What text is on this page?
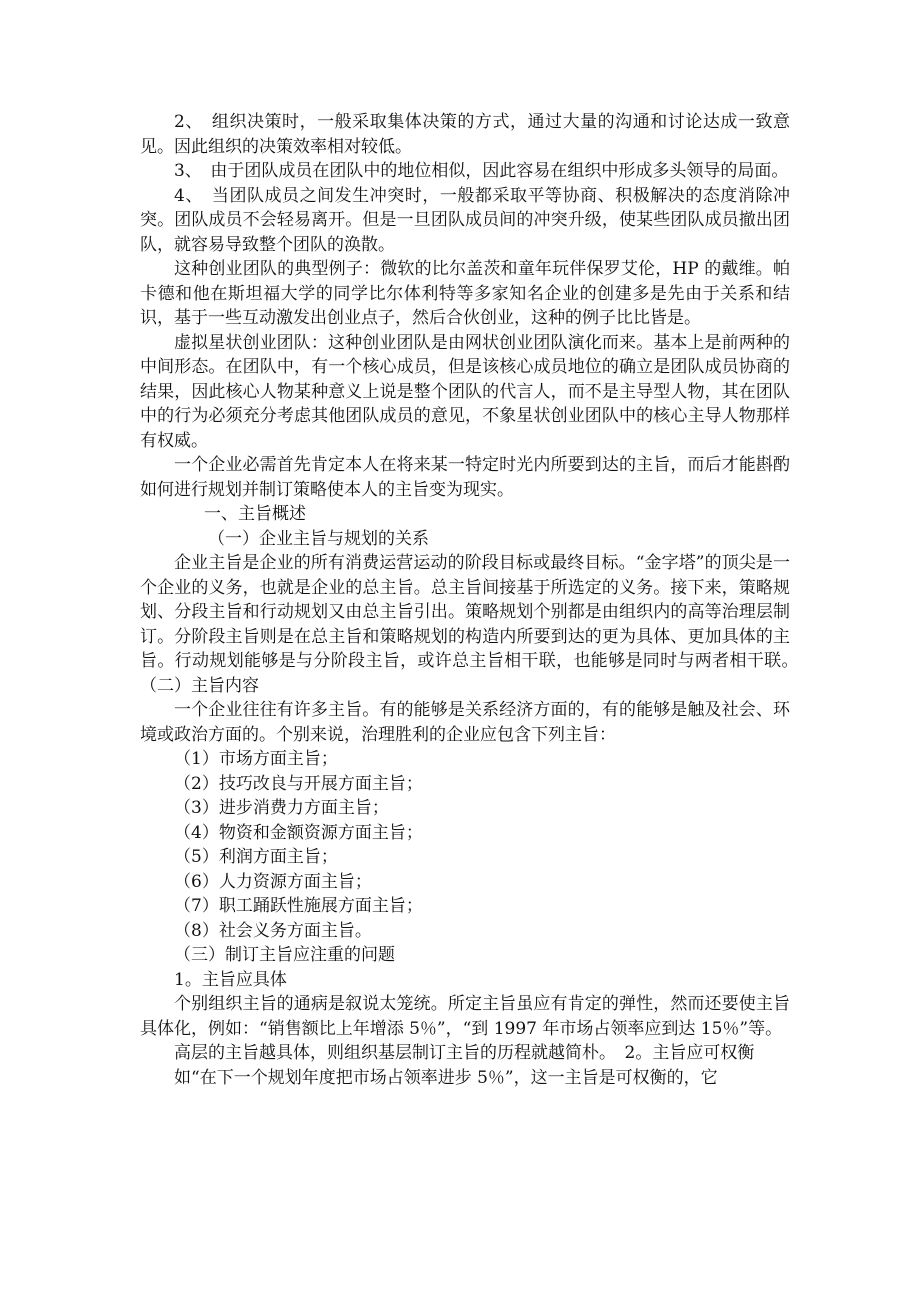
2、　组织决策时，一般采取集体决策的方式，通过大量的沟通和讨论达成一致意见。因此组织的决策效率相对较低。

3、　由于团队成员在团队中的地位相似，因此容易在组织中形成多头领导的局面。

4、　当团队成员之间发生冲突时，一般都采取平等协商、积极解决的态度消除冲突。团队成员不会轻易离开。但是一旦团队成员间的冲突升级，使某些团队成员撤出团队，就容易导致整个团队的涣散。

这种创业团队的典型例子：微软的比尔盖茨和童年玩伴保罗艾伦，HP 的戴维。帕卡德和他在斯坦福大学的同学比尔体利特等多家知名企业的创建多是先由于关系和结识，基于一些互动激发出创业点子，然后合伙创业，这种的例子比比皆是。

虚拟星状创业团队：这种创业团队是由网状创业团队演化而来。基本上是前两种的中间形态。在团队中，有一个核心成员，但是该核心成员地位的确立是团队成员协商的结果，因此核心人物某种意义上说是整个团队的代言人，而不是主导型人物，其在团队中的行为必须充分考虑其他团队成员的意见，不象星状创业团队中的核心主导人物那样有权威。

一个企业必需首先肯定本人在将来某一特定时光内所要到达的主旨，而后才能斟酌如何进行规划并制订策略使本人的主旨变为现实。

一、主旨概述

（一）企业主旨与规划的关系

企业主旨是企业的所有消费运营运动的阶段目标或最终目标。“金字塔”的顶尖是一个企业的义务，也就是企业的总主旨。总主旨间接基于所选定的义务。接下来，策略规划、分段主旨和行动规划又由总主旨引出。策略规划个别都是由组织内的高等治理层制订。分阶段主旨则是在总主旨和策略规划的构造内所要到达的更为具体、更加具体的主旨。行动规划能够是与分阶段主旨，或许总主旨相干联，也能够是同时与两者相干联。　（二）主旨内容

一个企业往往有许多主旨。有的能够是关系经济方面的，有的能够是触及社会、环境或政治方面的。个别来说，治理胜利的企业应包含下列主旨：

（1）市场方面主旨；

（2）技巧改良与开展方面主旨；

（3）进步消费力方面主旨；

（4）物资和金额资源方面主旨；

（5）利润方面主旨；

（6）人力资源方面主旨；

（7）职工踊跃性施展方面主旨；

（8）社会义务方面主旨。

（三）制订主旨应注重的问题

1。主旨应具体

个别组织主旨的通病是叙说太笼统。所定主旨虽应有肯定的弹性，然而还要使主旨具体化，例如：“销售额比上年增添 5％”，“到 1997 年市场占领率应到达 15％”等。

高层的主旨越具体，则组织基层制订主旨的历程就越简朴。　2。主旨应可权衡

如“在下一个规划年度把市场占领率进步 5％”，这一主旨是可权衡的，它
